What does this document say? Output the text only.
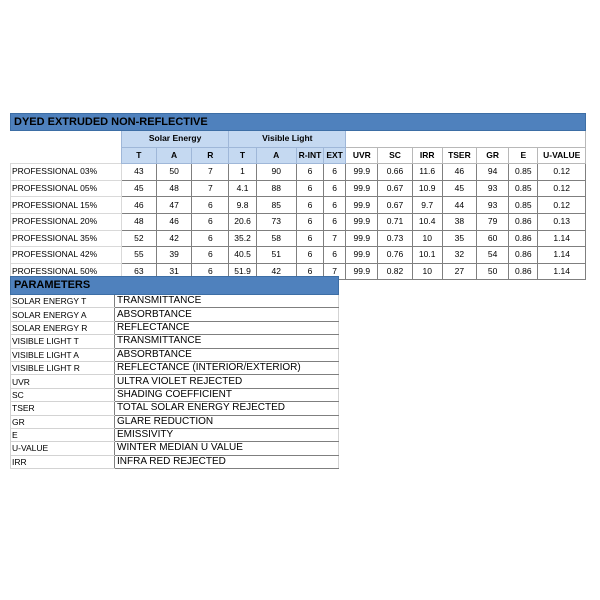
DYED EXTRUDED NON-REFLECTIVE														
	Solar Energy			Visible Light										
	T	A	R	T	A	R-INT	EXT	UVR	SC	IRR	TSER	GR	E	U-VALUE
PROFESSIONAL 03%	43	50	7	1	90	6	6	99.9	0.66	11.6	46	94	0.85	0.12
PROFESSIONAL 05%	45	48	7	4.1	88	6	6	99.9	0.67	10.9	45	93	0.85	0.12
PROFESSIONAL 15%	46	47	6	9.8	85	6	6	99.9	0.67	9.7	44	93	0.85	0.12
PROFESSIONAL 20%	48	46	6	20.6	73	6	6	99.9	0.71	10.4	38	79	0.86	0.13
PROFESSIONAL 35%	52	42	6	35.2	58	6	7	99.9	0.73	10	35	60	0.86	1.14
PROFESSIONAL 42%	55	39	6	40.5	51	6	6	99.9	0.76	10.1	32	54	0.86	1.14
PROFESSIONAL 50%	63	31	6	51.9	42	6	7	99.9	0.82	10	27	50	0.86	1.14
PARAMETERS	
SOLAR ENERGY T	TRANSMITTANCE
SOLAR ENERGY A	ABSORBTANCE
SOLAR ENERGY R	REFLECTANCE
VISIBLE LIGHT T	TRANSMITTANCE
VISIBLE LIGHT A	ABSORBTANCE
VISIBLE LIGHT R	REFLECTANCE (INTERIOR/EXTERIOR)
UVR	ULTRA VIOLET REJECTED
SC	SHADING COEFFICIENT
TSER	TOTAL SOLAR ENERGY REJECTED
GR	GLARE REDUCTION
E	EMISSIVITY
U-VALUE	WINTER MEDIAN U VALUE
IRR	INFRA RED REJECTED
